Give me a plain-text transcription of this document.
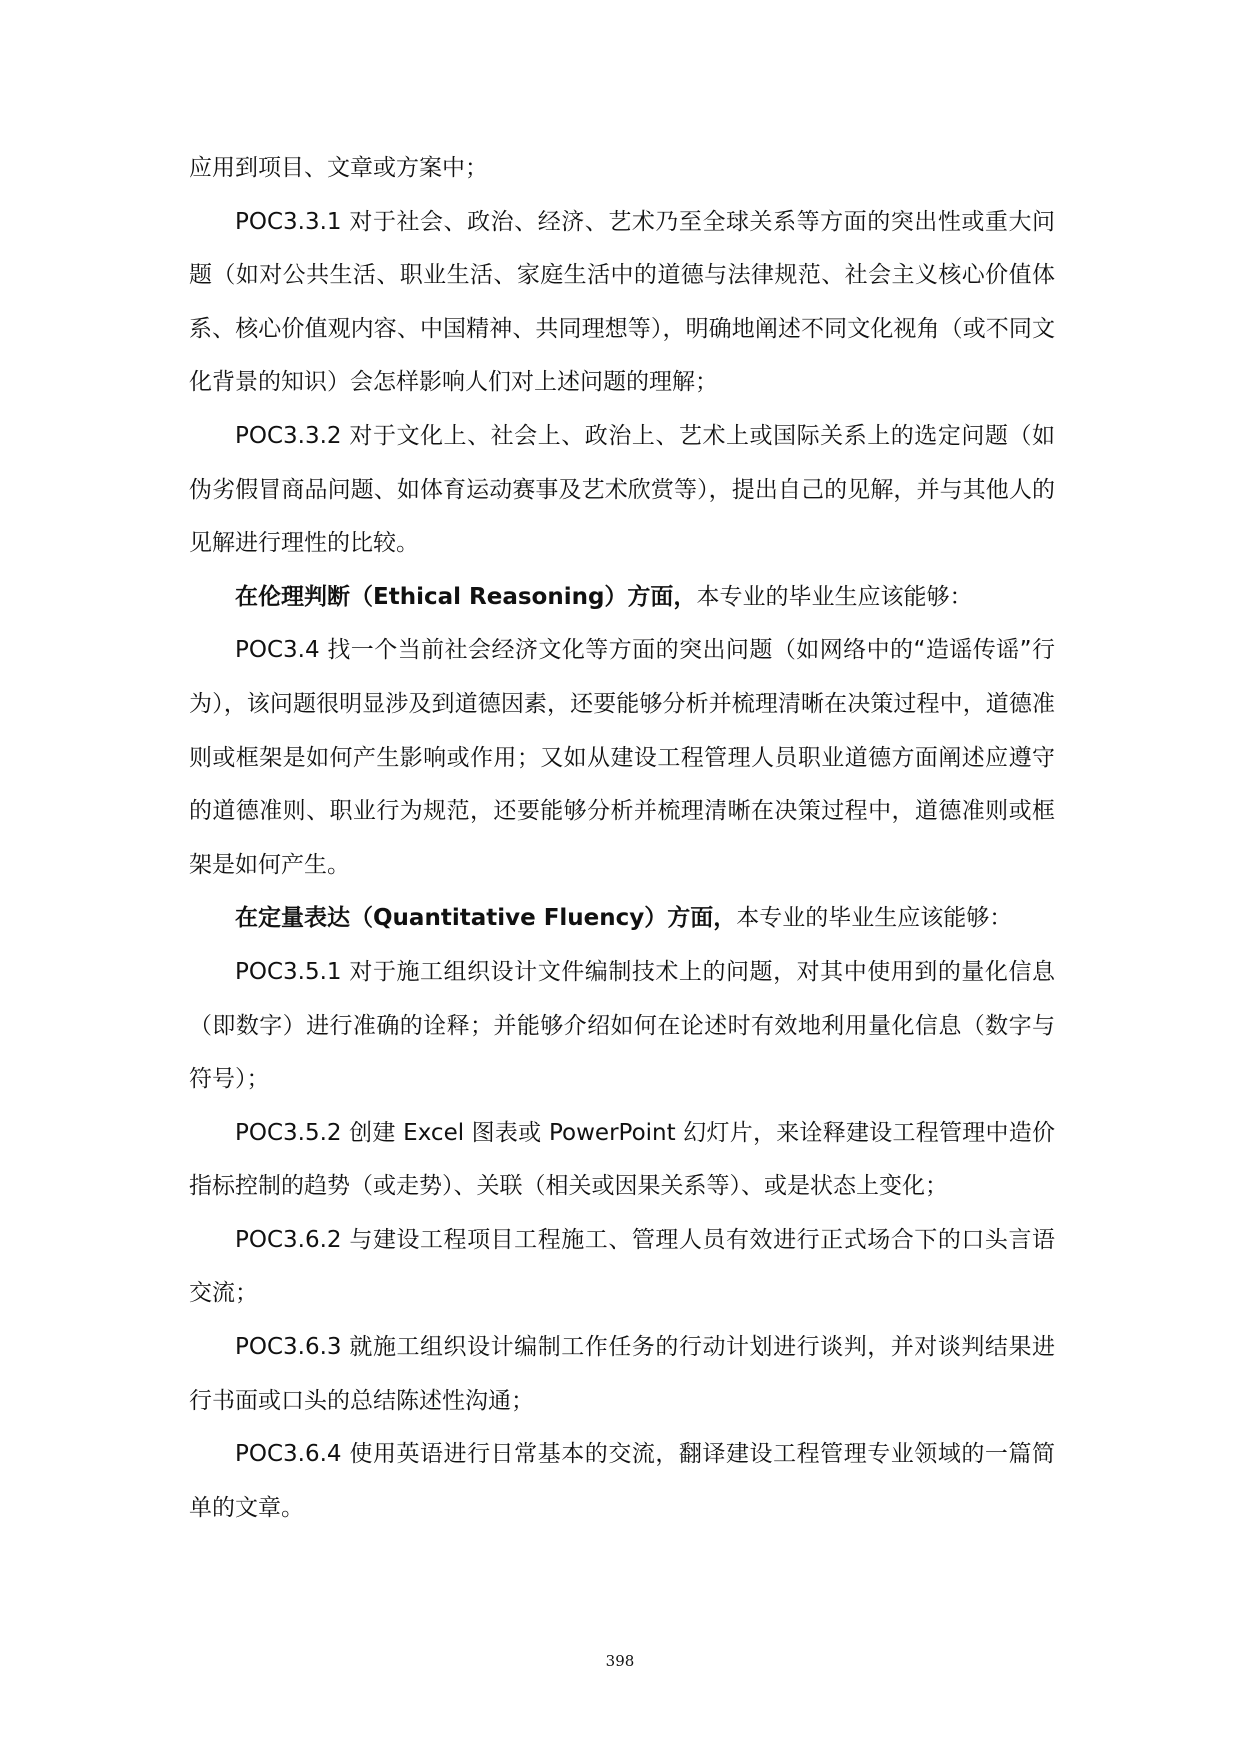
应用到项目、文章或方案中；

POC3.3.1 对于社会、政治、经济、艺术乃至全球关系等方面的突出性或重大问题（如对公共生活、职业生活、家庭生活中的道德与法律规范、社会主义核心价值体系、核心价值观内容、中国精神、共同理想等），明确地阐述不同文化视角（或不同文化背景的知识）会怎样影响人们对上述问题的理解；

POC3.3.2 对于文化上、社会上、政治上、艺术上或国际关系上的选定问题（如伪劣假冒商品问题、如体育运动赛事及艺术欣赏等），提出自己的见解，并与其他人的见解进行理性的比较。

在伦理判断（Ethical Reasoning）方面，本专业的毕业生应该能够：

POC3.4 找一个当前社会经济文化等方面的突出问题（如网络中的“造谣传谣”行为），该问题很明显涉及到道德因素，还要能够分析并梳理清晰在决策过程中，道德准则或框架是如何产生影响或作用；又如从建设工程管理人员职业道德方面阐述应遵守的道德准则、职业行为规范，还要能够分析并梳理清晰在决策过程中，道德准则或框架是如何产生。

在定量表达（Quantitative Fluency）方面，本专业的毕业生应该能够：

POC3.5.1 对于施工组织设计文件编制技术上的问题，对其中使用到的量化信息（即数字）进行准确的诠释；并能够介绍如何在论述时有效地利用量化信息（数字与符号）；

POC3.5.2 创建 Excel 图表或 PowerPoint 幻灯片，来诠释建设工程管理中造价指标控制的趋势（或走势）、关联（相关或因果关系等）、或是状态上变化；

POC3.6.2 与建设工程项目工程施工、管理人员有效进行正式场合下的口头言语交流；

POC3.6.3 就施工组织设计编制工作任务的行动计划进行谈判，并对谈判结果进行书面或口头的总结陈述性沟通；

POC3.6.4 使用英语进行日常基本的交流，翻译建设工程管理专业领域的一篇简单的文章。

398
